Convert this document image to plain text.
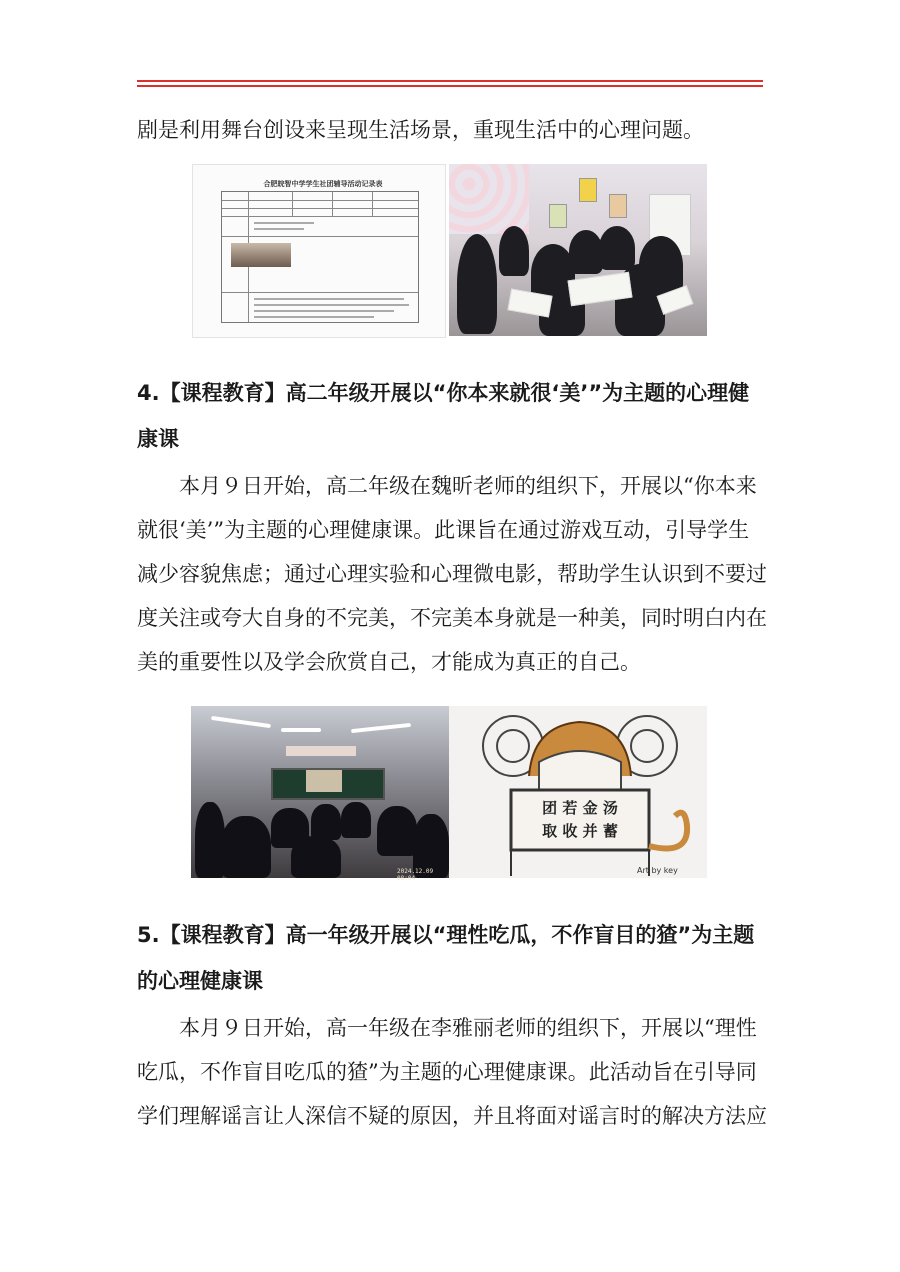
剧是利用舞台创设来呈现生活场景，重现生活中的心理问题。

合肥皖智中学学生社团辅导活动记录表
4.【课程教育】高二年级开展以“你本来就很‘美’”为主题的心理健康课

本月９日开始，高二年级在魏昕老师的组织下，开展以“你本来就很‘美’”为主题的心理健康课。此课旨在通过游戏互动，引导学生减少容貌焦虑；通过心理实验和心理微电影，帮助学生认识到不要过度关注或夸大自身的不完美，不完美本身就是一种美，同时明白内在美的重要性以及学会欣赏自己，才能成为真正的自己。

2024.12.09 08:04
团 若 金 汤
取 收 并 蓄
Art by key
5.【课程教育】高一年级开展以“理性吃瓜，不作盲目的猹”为主题的心理健康课

本月９日开始，高一年级在李雅丽老师的组织下，开展以“理性吃瓜，不作盲目吃瓜的猹”为主题的心理健康课。此活动旨在引导同学们理解谣言让人深信不疑的原因，并且将面对谣言时的解决方法应
